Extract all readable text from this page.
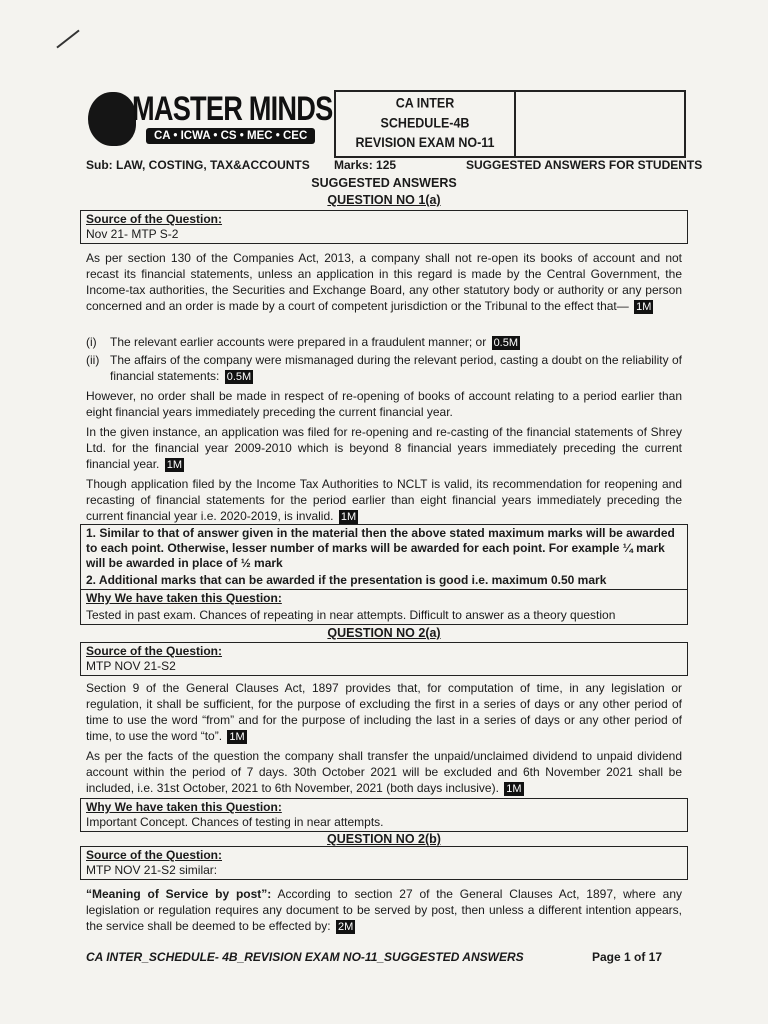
MASTER MINDS
CA • ICWA • CS • MEC • CEC
CA INTER
SCHEDULE-4B
REVISION EXAM NO-11
Sub: LAW, COSTING, TAX&ACCOUNTS Marks: 125	SUGGESTED ANSWERS FOR STUDENTS
SUGGESTED ANSWERS
QUESTION NO 1(a)
Source of the Question:
Nov 21- MTP S-2
As per section 130 of the Companies Act, 2013, a company shall not re-open its books of account and not recast its financial statements, unless an application in this regard is made by the Central Government, the Income-tax authorities, the Securities and Exchange Board, any other statutory body or authority or any person concerned and an order is made by a court of competent jurisdiction or the Tribunal to the effect that— 1M
(i) The relevant earlier accounts were prepared in a fraudulent manner; or 0.5M
(ii) The affairs of the company were mismanaged during the relevant period, casting a doubt on the reliability of financial statements: 0.5M
However, no order shall be made in respect of re-opening of books of account relating to a period earlier than eight financial years immediately preceding the current financial year.
In the given instance, an application was filed for re-opening and re-casting of the financial statements of Shrey Ltd. for the financial year 2009-2010 which is beyond 8 financial years immediately preceding the current financial year. 1M
Though application filed by the Income Tax Authorities to NCLT is valid, its recommendation for reopening and recasting of financial statements for the period earlier than eight financial years immediately preceding the current financial year i.e. 2020-2019, is invalid. 1M
1. Similar to that of answer given in the material then the above stated maximum marks will be awarded to each point. Otherwise, lesser number of marks will be awarded for each point. For example ¼ mark will be awarded in place of ½ mark
2. Additional marks that can be awarded if the presentation is good i.e. maximum 0.50 mark
Why We have taken this Question:
Tested in past exam. Chances of repeating in near attempts. Difficult to answer as a theory question
QUESTION NO 2(a)
Source of the Question:
MTP NOV 21-S2
Section 9 of the General Clauses Act, 1897 provides that, for computation of time, in any legislation or regulation, it shall be sufficient, for the purpose of excluding the first in a series of days or any other period of time to use the word “from” and for the purpose of including the last in a series of days or any other period of time, to use the word “to”. 1M
As per the facts of the question the company shall transfer the unpaid/unclaimed dividend to unpaid dividend account within the period of 7 days. 30th October 2021 will be excluded and 6th November 2021 shall be included, i.e. 31st October, 2021 to 6th November, 2021 (both days inclusive). 1M
Why We have taken this Question:
Important Concept. Chances of testing in near attempts.
QUESTION NO 2(b)
Source of the Question:
MTP NOV 21-S2 similar:
“Meaning of Service by post”: According to section 27 of the General Clauses Act, 1897, where any legislation or regulation requires any document to be served by post, then unless a different intention appears, the service shall be deemed to be effected by: 2M
CA INTER_SCHEDULE- 4B_REVISION EXAM NO-11_SUGGESTED ANSWERS	Page 1 of 17
